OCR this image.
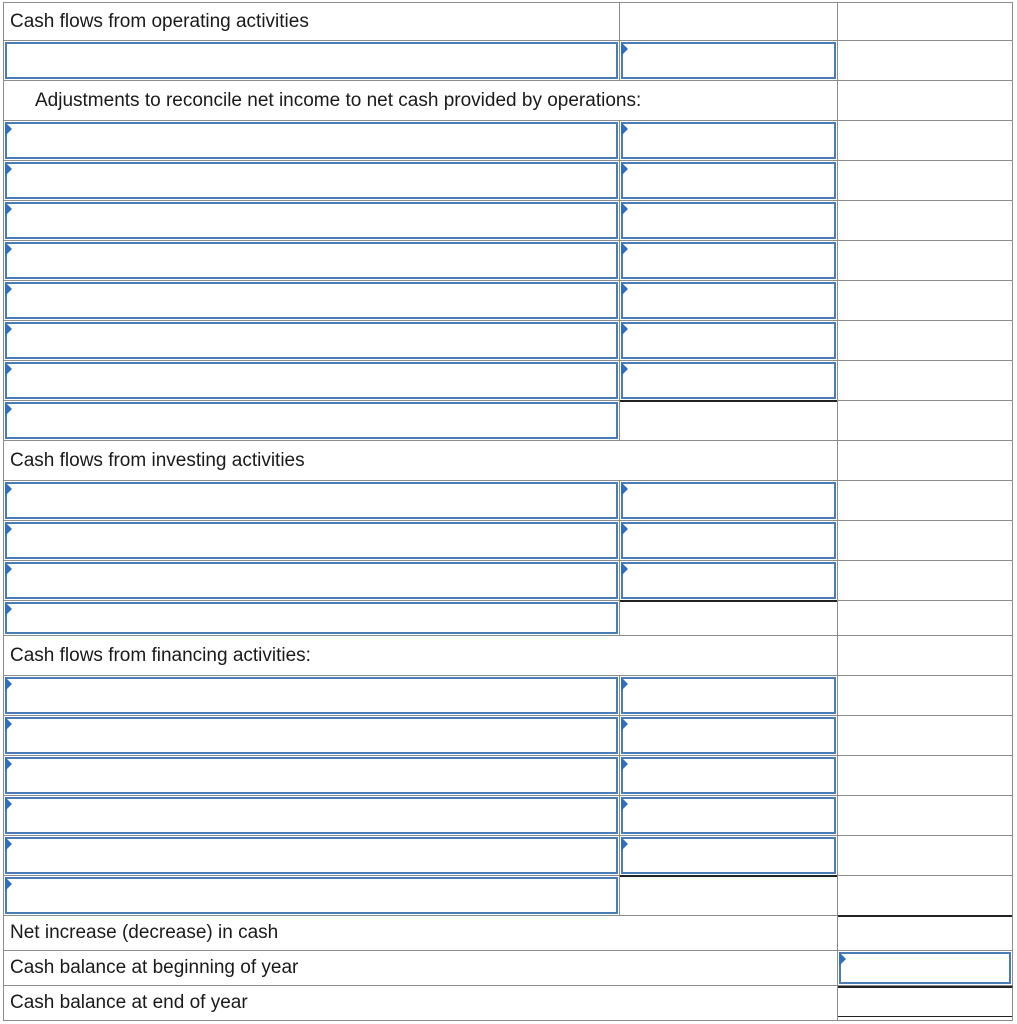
Cash flows from operating activities
Adjustments to reconcile net income to net cash provided by operations:
Cash flows from investing activities
Cash flows from financing activities:
Net increase (decrease) in cash
Cash balance at beginning of year
Cash balance at end of year
